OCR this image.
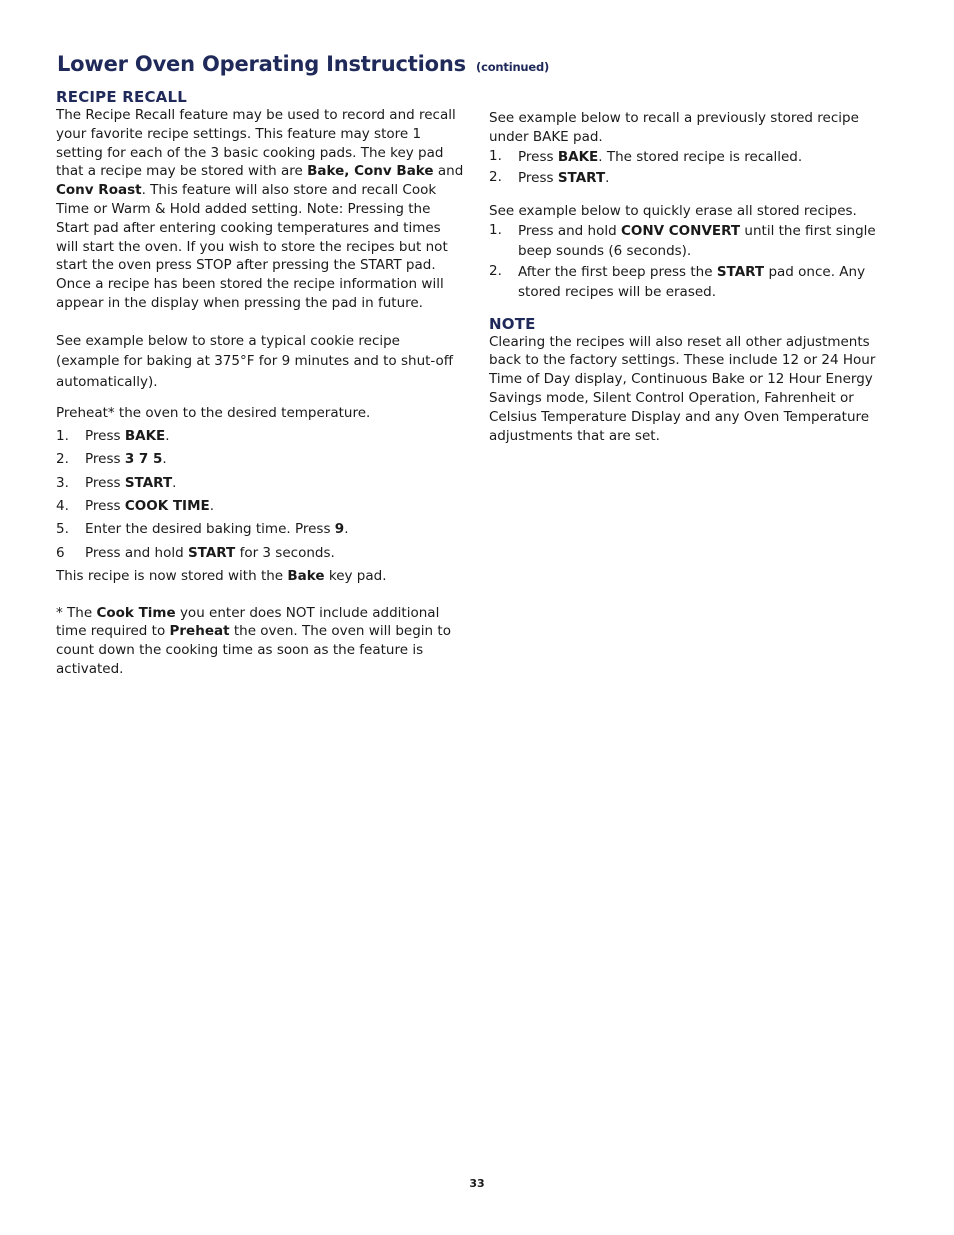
Lower Oven Operating Instructions (continued)
RECIPE RECALL

The Recipe Recall feature may be used to record and recall your favorite recipe settings. This feature may store 1 setting for each of the 3 basic cooking pads. The key pad that a recipe may be stored with are Bake, Conv Bake and Conv Roast. This feature will also store and recall Cook Time or Warm & Hold added setting. Note: Pressing the Start pad after entering cooking temperatures and times will start the oven. If you wish to store the recipes but not start the oven press STOP after pressing the START pad. Once a recipe has been stored the recipe information will appear in the display when pressing the pad in future.

See example below to store a typical cookie recipe (example for baking at 375°F for 9 minutes and to shut-off automatically).

Preheat* the oven to the desired temperature.

1.	Press BAKE.
2.	Press 3 7 5.
3.	Press START.
4.	Press COOK TIME.
5.	Enter the desired baking time. Press 9.
6	Press and hold START for 3 seconds.

This recipe is now stored with the Bake key pad.

* The Cook Time you enter does NOT include additional time required to Preheat the oven. The oven will begin to count down the cooking time as soon as the feature is activated.

See example below to recall a previously stored recipe under BAKE pad.

1.	Press BAKE. The stored recipe is recalled.
2.	Press START.

See example below to quickly erase all stored recipes.

1.	Press and hold CONV CONVERT until the first single beep sounds (6 seconds).
2.	After the first beep press the START pad once. Any stored recipes will be erased.
NOTE

Clearing the recipes will also reset all other adjustments back to the factory settings. These include 12 or 24 Hour Time of Day display, Continuous Bake or 12 Hour Energy Savings mode, Silent Control Operation, Fahrenheit or Celsius Temperature Display and any Oven Temperature adjustments that are set.

33
